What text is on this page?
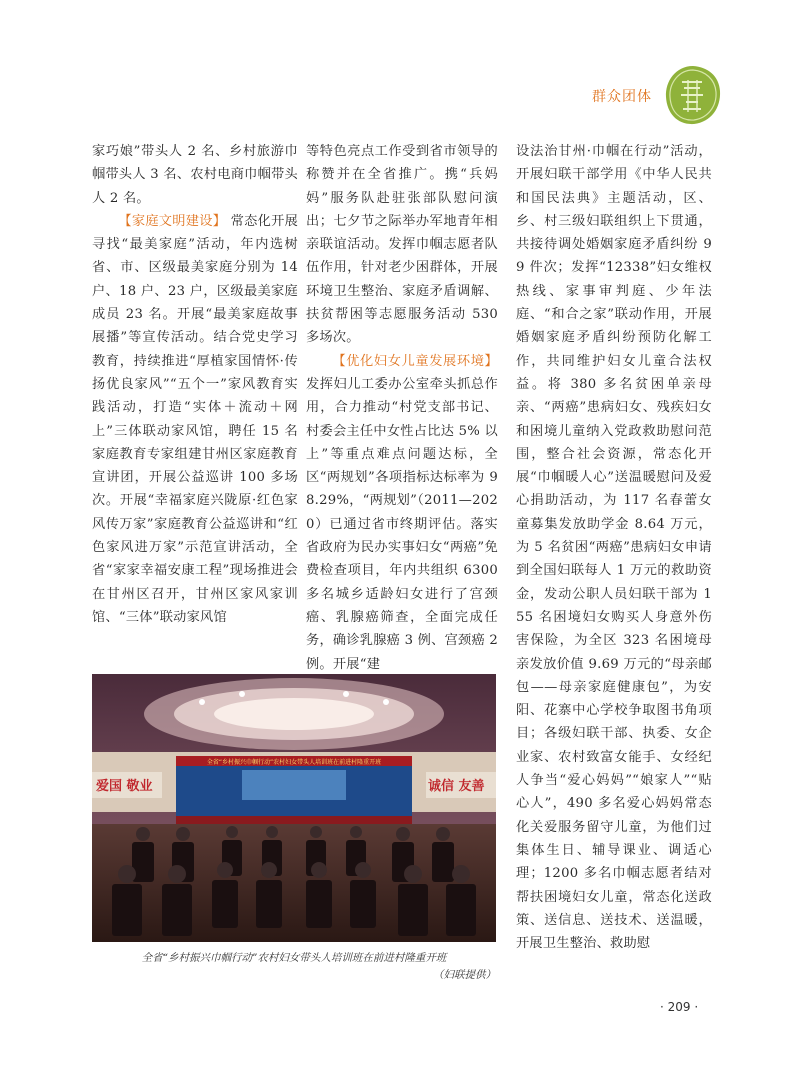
群众团体

家巧娘”带头人 2 名、乡村旅游巾帼带头人 3 名、农村电商巾帼带头人 2 名。

【家庭文明建设】 常态化开展寻找“最美家庭”活动，年内选树省、市、区级最美家庭分别为 14 户、18 户、23 户，区级最美家庭成员 23 名。开展“最美家庭故事展播”等宣传活动。结合党史学习教育，持续推进“厚植家国情怀·传扬优良家风”“五个一”家风教育实践活动，打造“实体＋流动＋网上”三体联动家风馆，聘任 15 名家庭教育专家组建甘州区家庭教育宣讲团，开展公益巡讲 100 多场次。开展“幸福家庭兴陇原·红色家风传万家”家庭教育公益巡讲和“红色家风进万家”示范宣讲活动，全省“家家幸福安康工程”现场推进会在甘州区召开，甘州区家风家训馆、“三体”联动家风馆

等特色亮点工作受到省市领导的称赞并在全省推广。携“兵妈妈”服务队赴驻张部队慰问演出；七夕节之际举办军地青年相亲联谊活动。发挥巾帼志愿者队伍作用，针对老少困群体，开展环境卫生整治、家庭矛盾调解、扶贫帮困等志愿服务活动 530 多场次。

【优化妇女儿童发展环境】发挥妇儿工委办公室牵头抓总作用，合力推动“村党支部书记、村委会主任中女性占比达 5% 以上”等重点难点问题达标，全区“两规划”各项指标达标率为 98.29%，“两规划”（2011—2020）已通过省市终期评估。落实省政府为民办实事妇女“两癌”免费检查项目，年内共组织 6300 多名城乡适龄妇女进行了宫颈癌、乳腺癌筛查，全面完成任务，确诊乳腺癌 3 例、宫颈癌 2 例。开展“建

设法治甘州·巾帼在行动”活动，开展妇联干部学用《中华人民共和国民法典》主题活动，区、乡、村三级妇联组织上下贯通，共接待调处婚姻家庭矛盾纠纷 99 件次；发挥“12338”妇女维权热线、家事审判庭、少年法庭、“和合之家”联动作用，开展婚姻家庭矛盾纠纷预防化解工作，共同维护妇女儿童合法权益。将 380 多名贫困单亲母亲、“两癌”患病妇女、残疾妇女和困境儿童纳入党政救助慰问范围，整合社会资源，常态化开展“巾帼暖人心”送温暖慰问及爱心捐助活动，为 117 名春蕾女童募集发放助学金 8.64 万元，为 5 名贫困“两癌”患病妇女申请到全国妇联每人 1 万元的救助资金，发动公职人员妇联干部为 155 名困境妇女购买人身意外伤害保险，为全区 323 名困境母亲发放价值 9.69 万元的“母亲邮包——母亲家庭健康包”，为安阳、花寨中心学校争取图书角项目；各级妇联干部、执委、女企业家、农村致富女能手、女经纪人争当“爱心妈妈”“娘家人”“贴心人”，490 多名爱心妈妈常态化关爱服务留守儿童，为他们过集体生日、辅导课业、调适心理；1200 多名巾帼志愿者结对帮扶困境妇女儿童，常态化送政策、送信息、送技术、送温暖，开展卫生整治、救助慰

爱国 敬业	诚信 友善
全省“乡村振兴巾帼行动”农村妇女带头人培训班在前进村隆重开班
全省“乡村振兴巾帼行动”农村妇女带头人培训班在前进村隆重开班
（妇联提供）
· 209 ·
